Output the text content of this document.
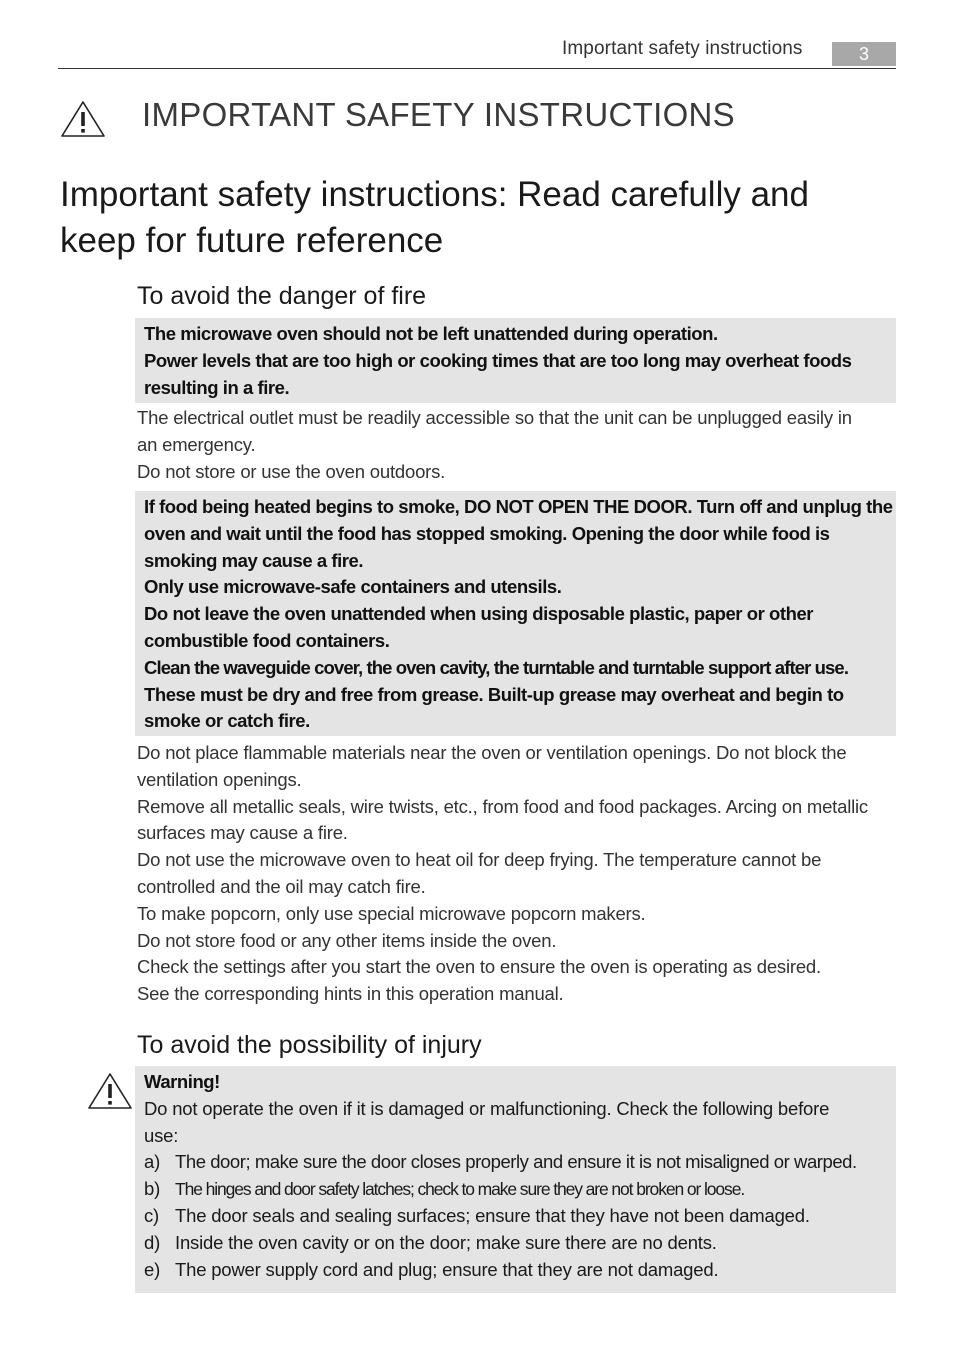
Important safety instructions	3
IMPORTANT SAFETY INSTRUCTIONS
Important safety instructions: Read carefully and
keep for future reference
To avoid the danger of fire
The microwave oven should not be left unattended during operation.
Power levels that are too high or cooking times that are too long may overheat foods
resulting in a fire.
The electrical outlet must be readily accessible so that the unit can be unplugged easily in
an emergency.
Do not store or use the oven outdoors.
If food being heated begins to smoke, DO NOT OPEN THE DOOR. Turn off and unplug the
oven and wait until the food has stopped smoking. Opening the door while food is
smoking may cause a fire.
Only use microwave-safe containers and utensils.
Do not leave the oven unattended when using disposable plastic, paper or other
combustible food containers.
Clean the waveguide cover, the oven cavity, the turntable and turntable support after use.
These must be dry and free from grease. Built-up grease may overheat and begin to
smoke or catch fire.
Do not place flammable materials near the oven or ventilation openings. Do not block the
ventilation openings.
Remove all metallic seals, wire twists, etc., from food and food packages. Arcing on metallic
surfaces may cause a fire.
Do not use the microwave oven to heat oil for deep frying. The temperature cannot be
controlled and the oil may catch fire.
To make popcorn, only use special microwave popcorn makers.
Do not store food or any other items inside the oven.
Check the settings after you start the oven to ensure the oven is operating as desired.
See the corresponding hints in this operation manual.
To avoid the possibility of injury
Warning!
Do not operate the oven if it is damaged or malfunctioning. Check the following before
use:
a) The door; make sure the door closes properly and ensure it is not misaligned or warped.
b) The hinges and door safety latches; check to make sure they are not broken or loose.
c) The door seals and sealing surfaces; ensure that they have not been damaged.
d) Inside the oven cavity or on the door; make sure there are no dents.
e) The power supply cord and plug; ensure that they are not damaged.
